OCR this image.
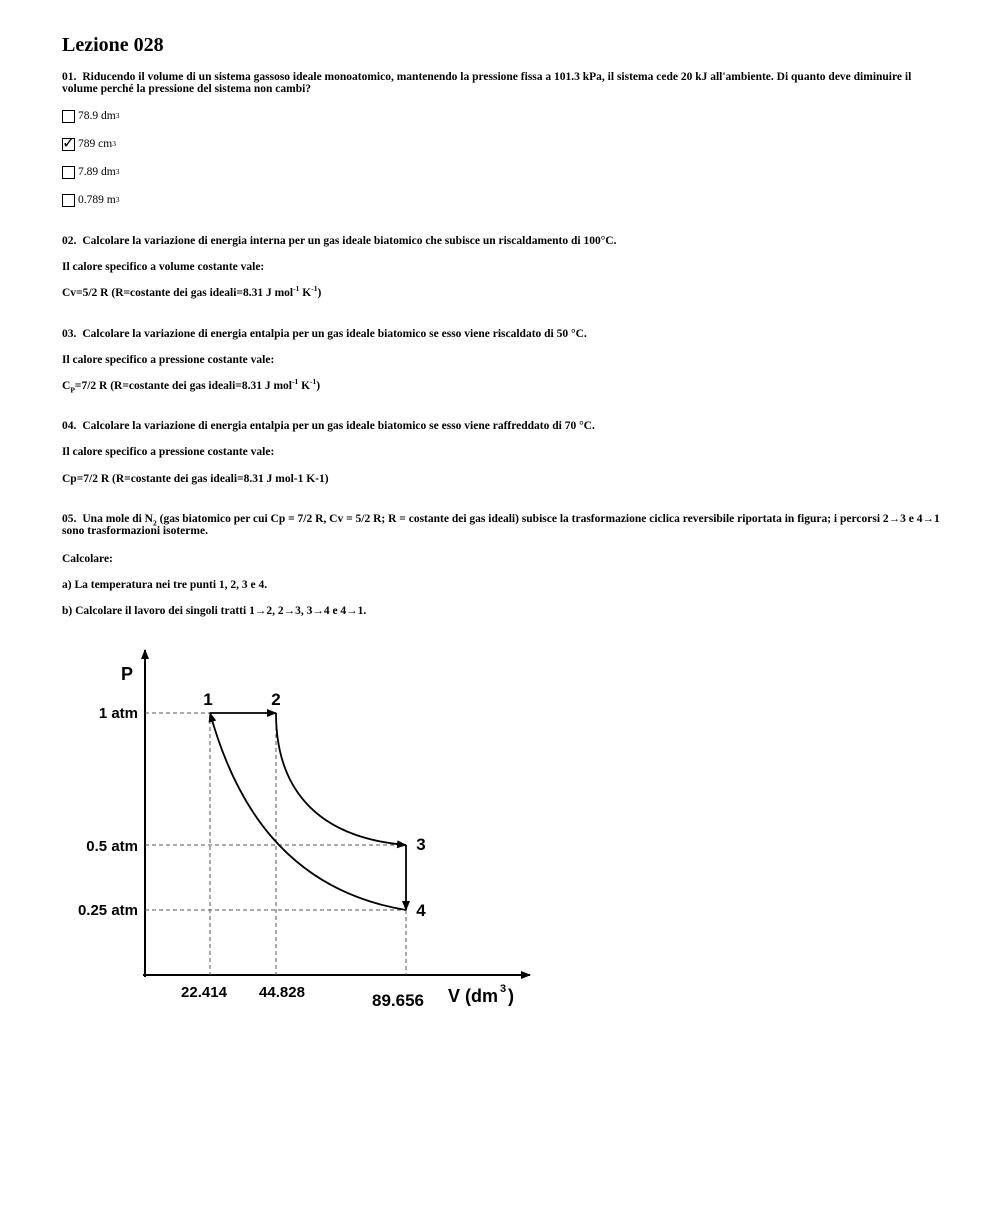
Lezione 028
01. Riducendo il volume di un sistema gassoso ideale monoatomico, mantenendo la pressione fissa a 101.3 kPa, il sistema cede 20 kJ all'ambiente. Di quanto deve diminuire il volume perché la pressione del sistema non cambi?
78.9 dm 3
✓ 789 cm 3
7.89 dm 3
0.789 m 3
02. Calcolare la variazione di energia interna per un gas ideale biatomico che subisce un riscaldamento di 100°C.
Il calore specifico a volume costante vale:
Cv=5/2 R (R=costante dei gas ideali=8.31 J mol$^{-1}$ $K^{-1}$)
03. Calcolare la variazione di energia entalpia per un gas ideale biatomico se esso viene riscaldato di 50 °C.
Il calore specifico a pressione costante vale:
$C_P=7/2$ R (R=costante dei gas ideali=8.31 J mol$^{-1}$ $K^{-1}$)
04. Calcolare la variazione di energia entalpia per un gas ideale biatomico se esso viene raffreddato di 70 °C.
Il calore specifico a pressione costante vale:
Cp=7/2 R (R=costante dei gas ideali=8.31 J mol-1 K-1)
05. Una mole di $N_2$ (gas biatomico per cui Cp = 7/2 R, Cv = 5/2 R; R = costante dei gas ideali) subisce la trasformazione ciclica reversibile riportata in figura; i percorsi 2→3 e 4→1 sono trasformazioni isoterme.
Calcolare:
a) La temperatura nei tre punti 1, 2, 3 e 4.
b) Calcolare il lavoro dei singoli tratti 1→2, 2→3, 3→4 e 4→1.
1	2
3
4
1 atm
0.5 atm
0.25 atm
22.414 44.828	89.656
P
V (dm 3 )
